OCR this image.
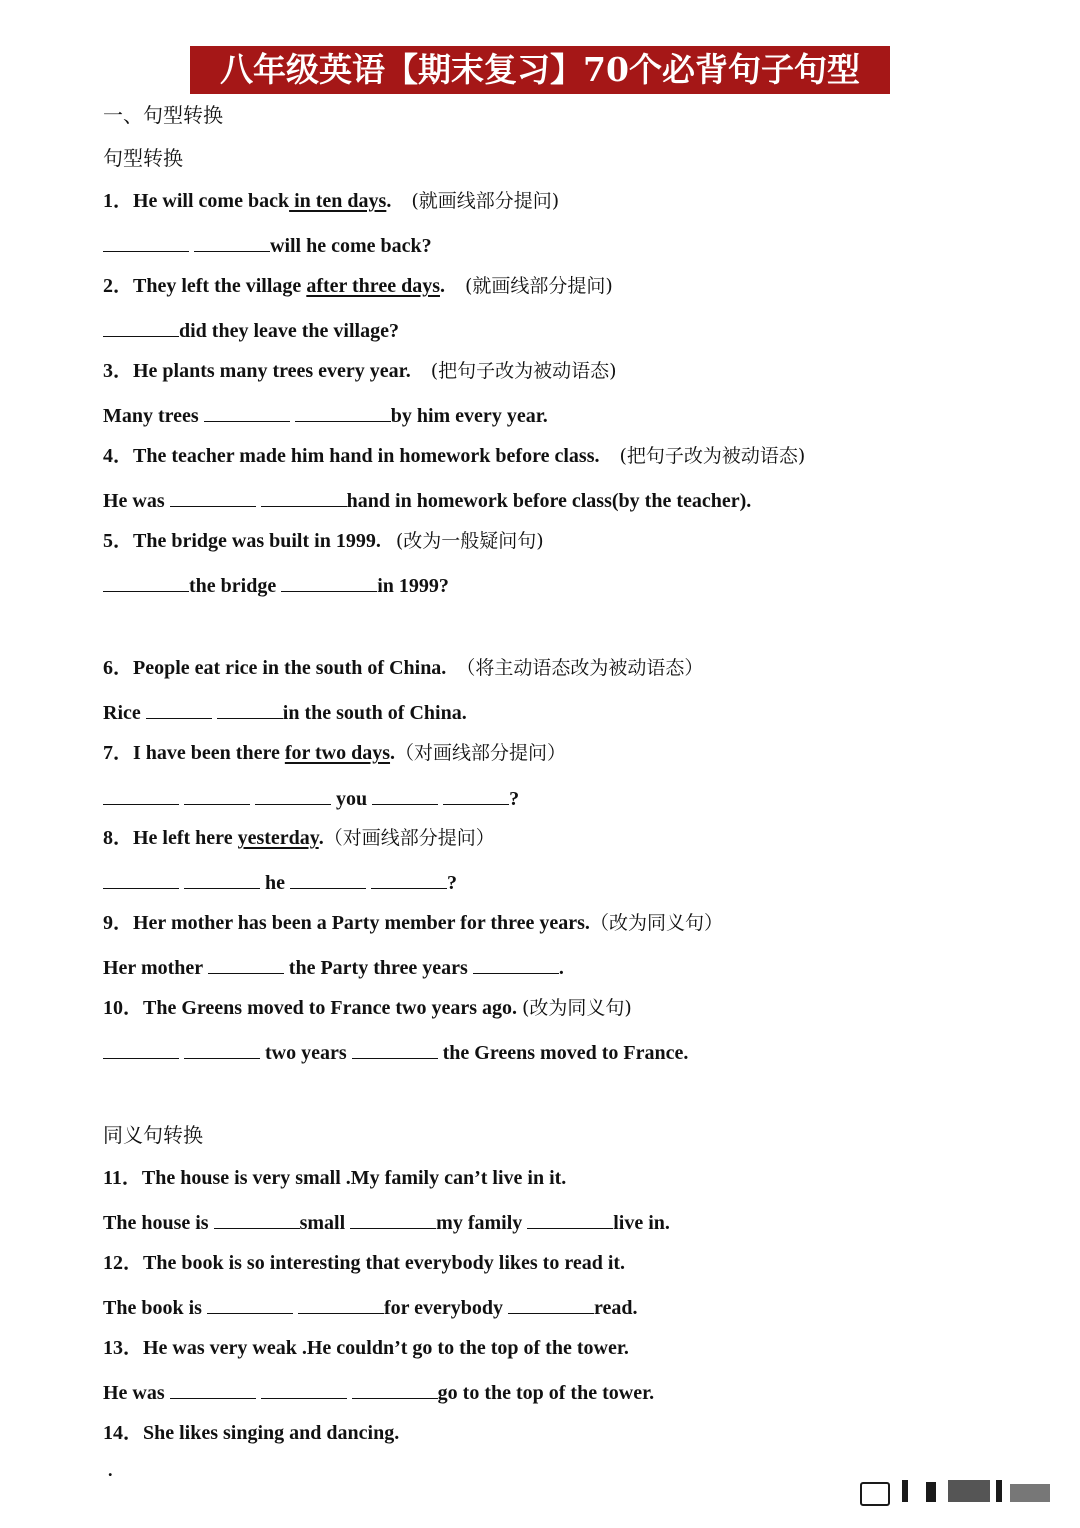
八年级英语【期末复习】70个必背句子句型
一、句型转换
句型转换
1．He will come back in ten days. (就画线部分提问)
will he come back?
2．They left the village after three days. (就画线部分提问)
did they leave the village?
3．He plants many trees every year. (把句子改为被动语态)
Many trees	by him every year.
4．The teacher made him hand in homework before class. (把句子改为被动语态)
He was	hand in homework before class(by the teacher).
5．The bridge was built in 1999. (改为一般疑问句)
the bridge	in 1999?
6．People eat rice in the south of China. （将主动语态改为被动语态）
Rice	in the south of China.
7．I have been there for two days.（对画线部分提问）
you	?
8．He left here yesterday.（对画线部分提问）
he	?
9．Her mother has been a Party member for three years.（改为同义句）
Her mother	the Party three years	.
10．The Greens moved to France two years ago. (改为同义句)
two years	the Greens moved to France.
同义句转换
11．The house is very small .My family can’t live in it.
The house is	small	my family	live in.
12．The book is so interesting that everybody likes to read it.
The book is	for everybody	read.
13．He was very weak .He couldn’t go to the top of the tower.
He was	go to the top of the tower.
14．She likes singing and dancing.
.
